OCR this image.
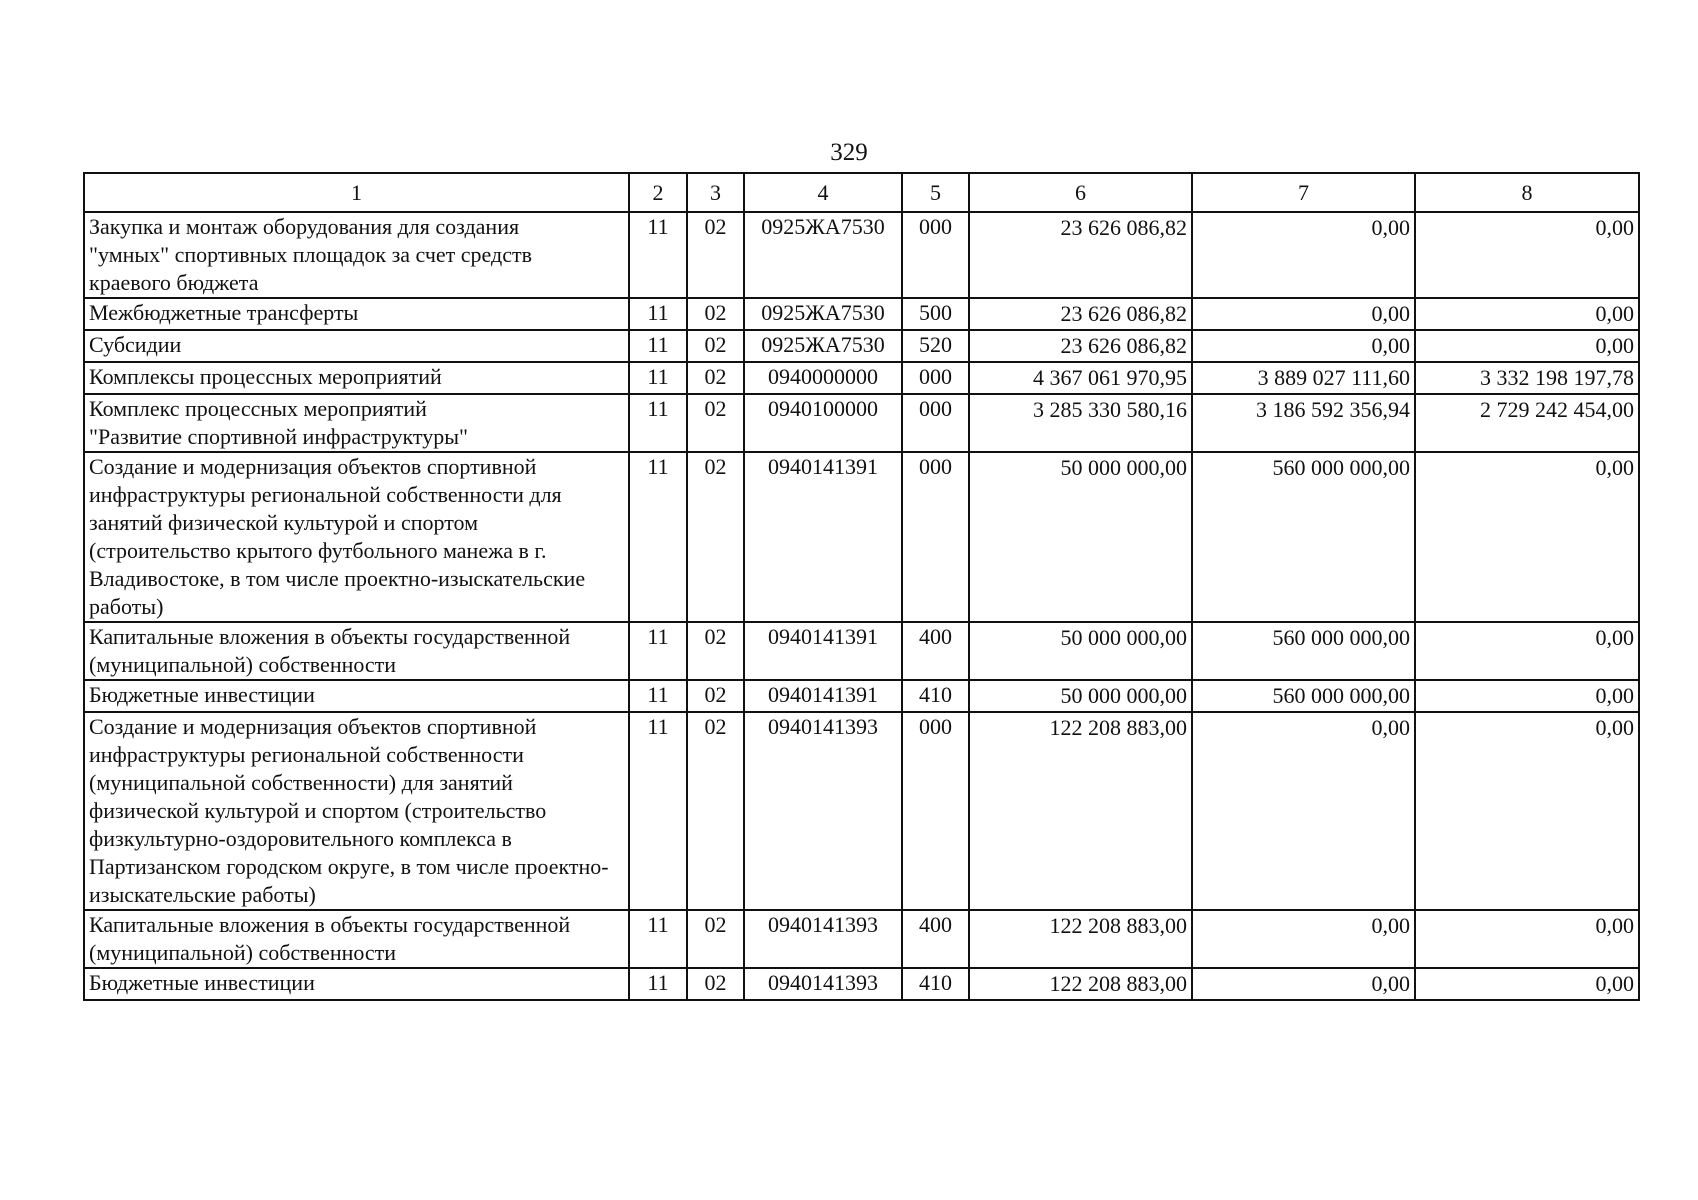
329
1	2	3	4	5	6	7	8

Закупка и монтаж оборудования для создания "умных" спортивных площадок за счет средств краевого бюджета	11	02	0925ЖА7530	000	23 626 086,82	0,00	0,00
Межбюджетные трансферты	11	02	0925ЖА7530	500	23 626 086,82	0,00	0,00
Субсидии	11	02	0925ЖА7530	520	23 626 086,82	0,00	0,00
Комплексы процессных мероприятий	11	02	0940000000	000	4 367 061 970,95	3 889 027 111,60	3 332 198 197,78

Комплекс процессных мероприятий "Развитие спортивной инфраструктуры"	11	02	0940100000	000	3 285 330 580,16	3 186 592 356,94	2 729 242 454,00

Создание и модернизация объектов спортивной инфраструктуры региональной собственности для занятий физической культурой и спортом (строительство крытого футбольного манежа в г. Владивостоке, в том числе проектно-изыскательские работы)	11	02	0940141391	000	50 000 000,00	560 000 000,00	0,00

Капитальные вложения в объекты государственной (муниципальной) собственности	11	02	0940141391	400	50 000 000,00	560 000 000,00	0,00
Бюджетные инвестиции	11	02	0940141391	410	50 000 000,00	560 000 000,00	0,00

Создание и модернизация объектов спортивной инфраструктуры региональной собственности (муниципальной собственности) для занятий физической культурой и спортом (строительство физкультурно-оздоровительного комплекса в Партизанском городском округе, в том числе проектно-изыскательские работы)	11	02	0940141393	000	122 208 883,00	0,00	0,00

Капитальные вложения в объекты государственной (муниципальной) собственности	11	02	0940141393	400	122 208 883,00	0,00	0,00
Бюджетные инвестиции	11	02	0940141393	410	122 208 883,00	0,00	0,00
